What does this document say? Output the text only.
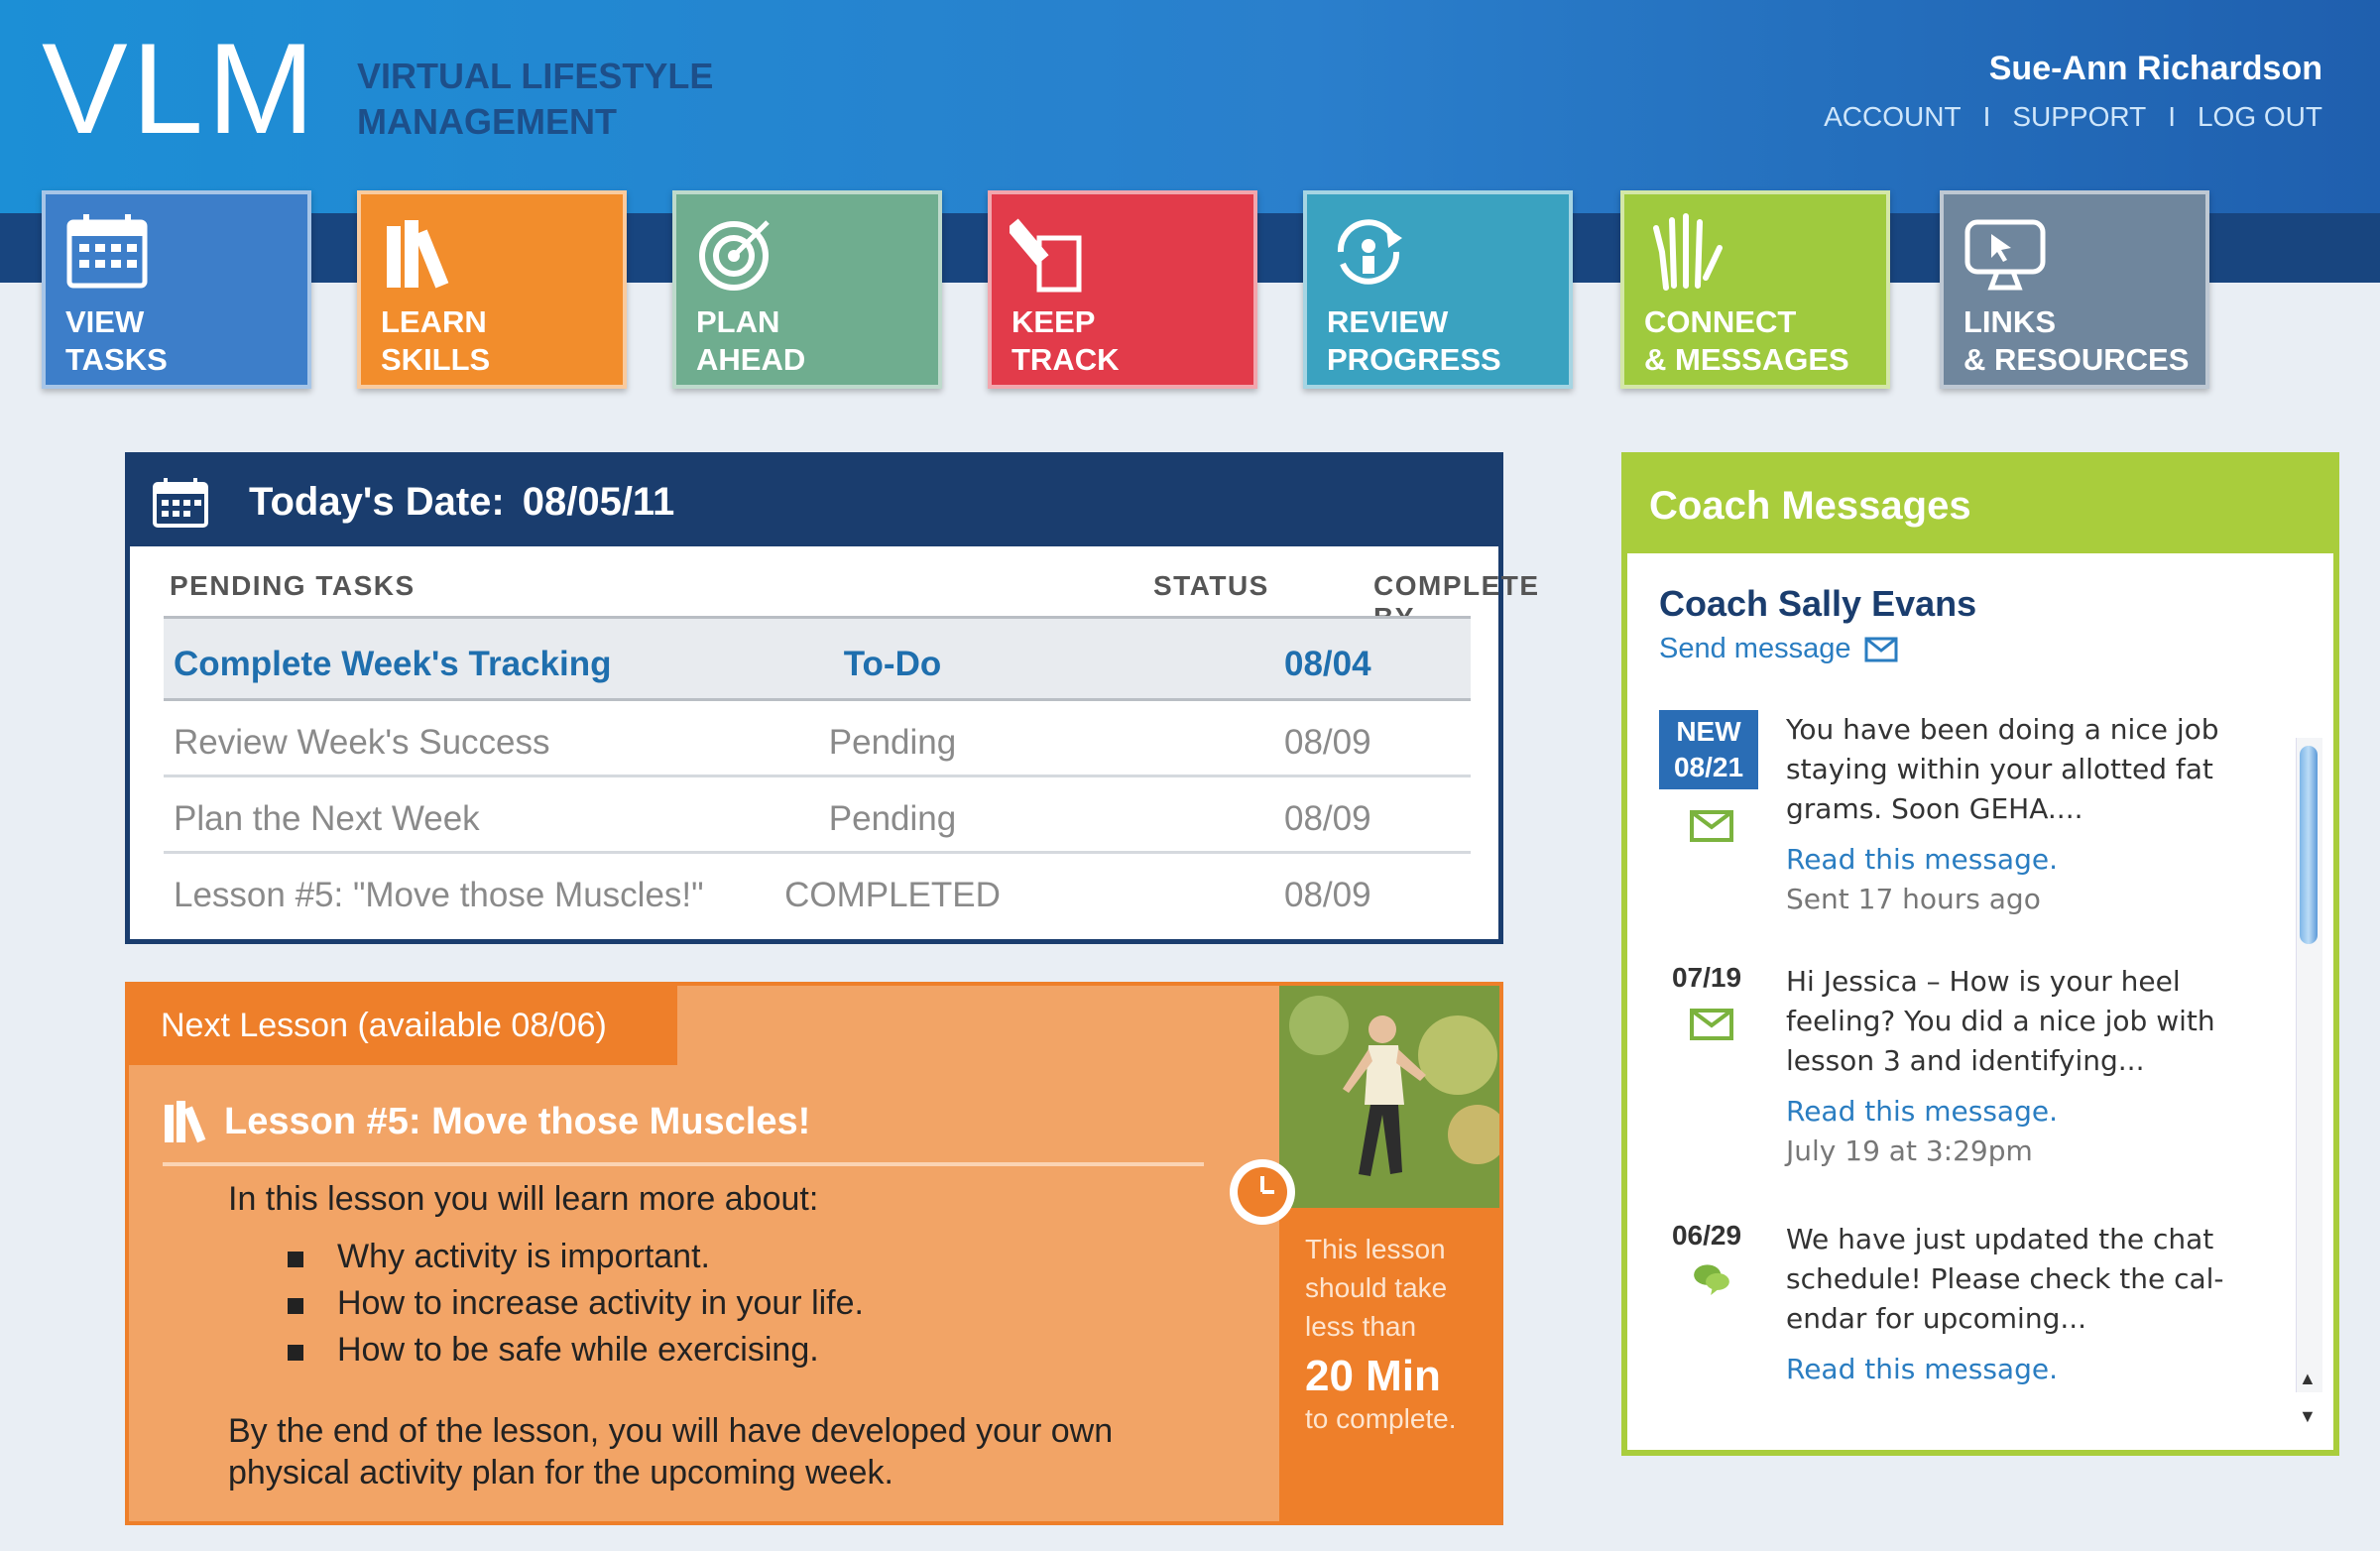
VLM VIRTUAL LIFESTYLE
MANAGEMENT
Sue-Ann Richardson
ACCOUNT I SUPPORT I LOG OUT
VIEW
TASKS
LEARN
SKILLS
PLAN
AHEAD
KEEP
TRACK
REVIEW
PROGRESS
CONNECT
& MESSAGES
LINKS
& RESOURCES
Today's Date: 08/05/11
PENDING TASKS	STATUS	COMPLETE
Complete Week's Tracking	To-Do	08/04
Review Week's Success	Pending	08/09
Plan the Next Week	Pending	08/09
Lesson #5: "Move those Muscles!"	COMPLETED	08/09
Next Lesson (available 08/06)
Lesson #5: Move those Muscles!
In this lesson you will learn more about:
Why activity is important.
How to increase activity in your life.
How to be safe while exercising.
By the end of the lesson, you will have developed your own physical activity plan for the upcoming week.
This lesson
should take
less than
20 Min
to complete.
Coach Messages
Coach Sally Evans
Send message
NEW
08/21
You have been doing a nice job staying within your allotted fat grams. Soon GEHA....
Read this message.
Sent 17 hours ago
07/19 Hi Jessica – How is your heel feeling? You did a nice job with lesson 3 and identifying...
Read this message.
July 19 at 3:29pm
06/29 We have just updated the chat schedule! Please check the cal-endar for upcoming...
Read this message.	▲
▼
